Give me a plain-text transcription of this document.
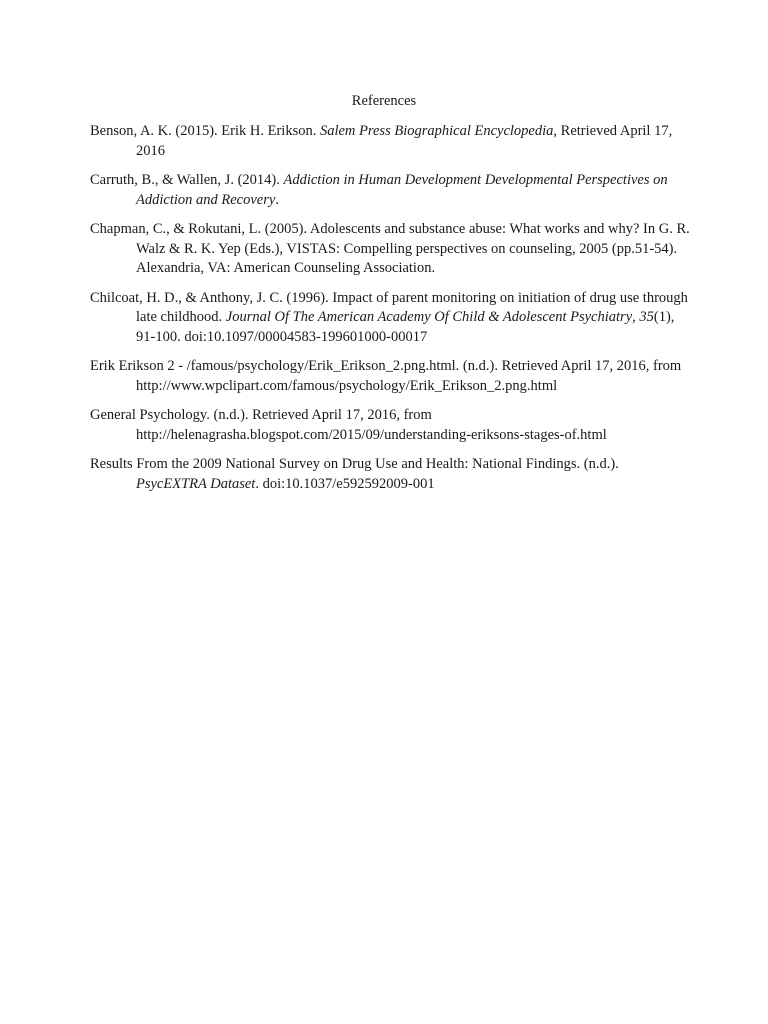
References

Benson, A. K. (2015). Erik H. Erikson. Salem Press Biographical Encyclopedia, Retrieved April 17, 2016

Carruth, B., & Wallen, J. (2014). Addiction in Human Development Developmental Perspectives on Addiction and Recovery.

Chapman, C., & Rokutani, L. (2005). Adolescents and substance abuse: What works and why? In G. R. Walz & R. K. Yep (Eds.), VISTAS: Compelling perspectives on counseling, 2005 (pp.51-54). Alexandria, VA: American Counseling Association.

Chilcoat, H. D., & Anthony, J. C. (1996). Impact of parent monitoring on initiation of drug use through late childhood. Journal Of The American Academy Of Child & Adolescent Psychiatry, 35(1), 91-100. doi:10.1097/00004583-199601000-00017

Erik Erikson 2 - /famous/psychology/Erik_Erikson_2.png.html. (n.d.). Retrieved April 17, 2016, from http://www.wpclipart.com/famous/psychology/Erik_Erikson_2.png.html

General Psychology. (n.d.). Retrieved April 17, 2016, from http://helenagrasha.blogspot.com/2015/09/understanding-eriksons-stages-of.html

Results From the 2009 National Survey on Drug Use and Health: National Findings. (n.d.). PsycEXTRA Dataset. doi:10.1037/e592592009-001
